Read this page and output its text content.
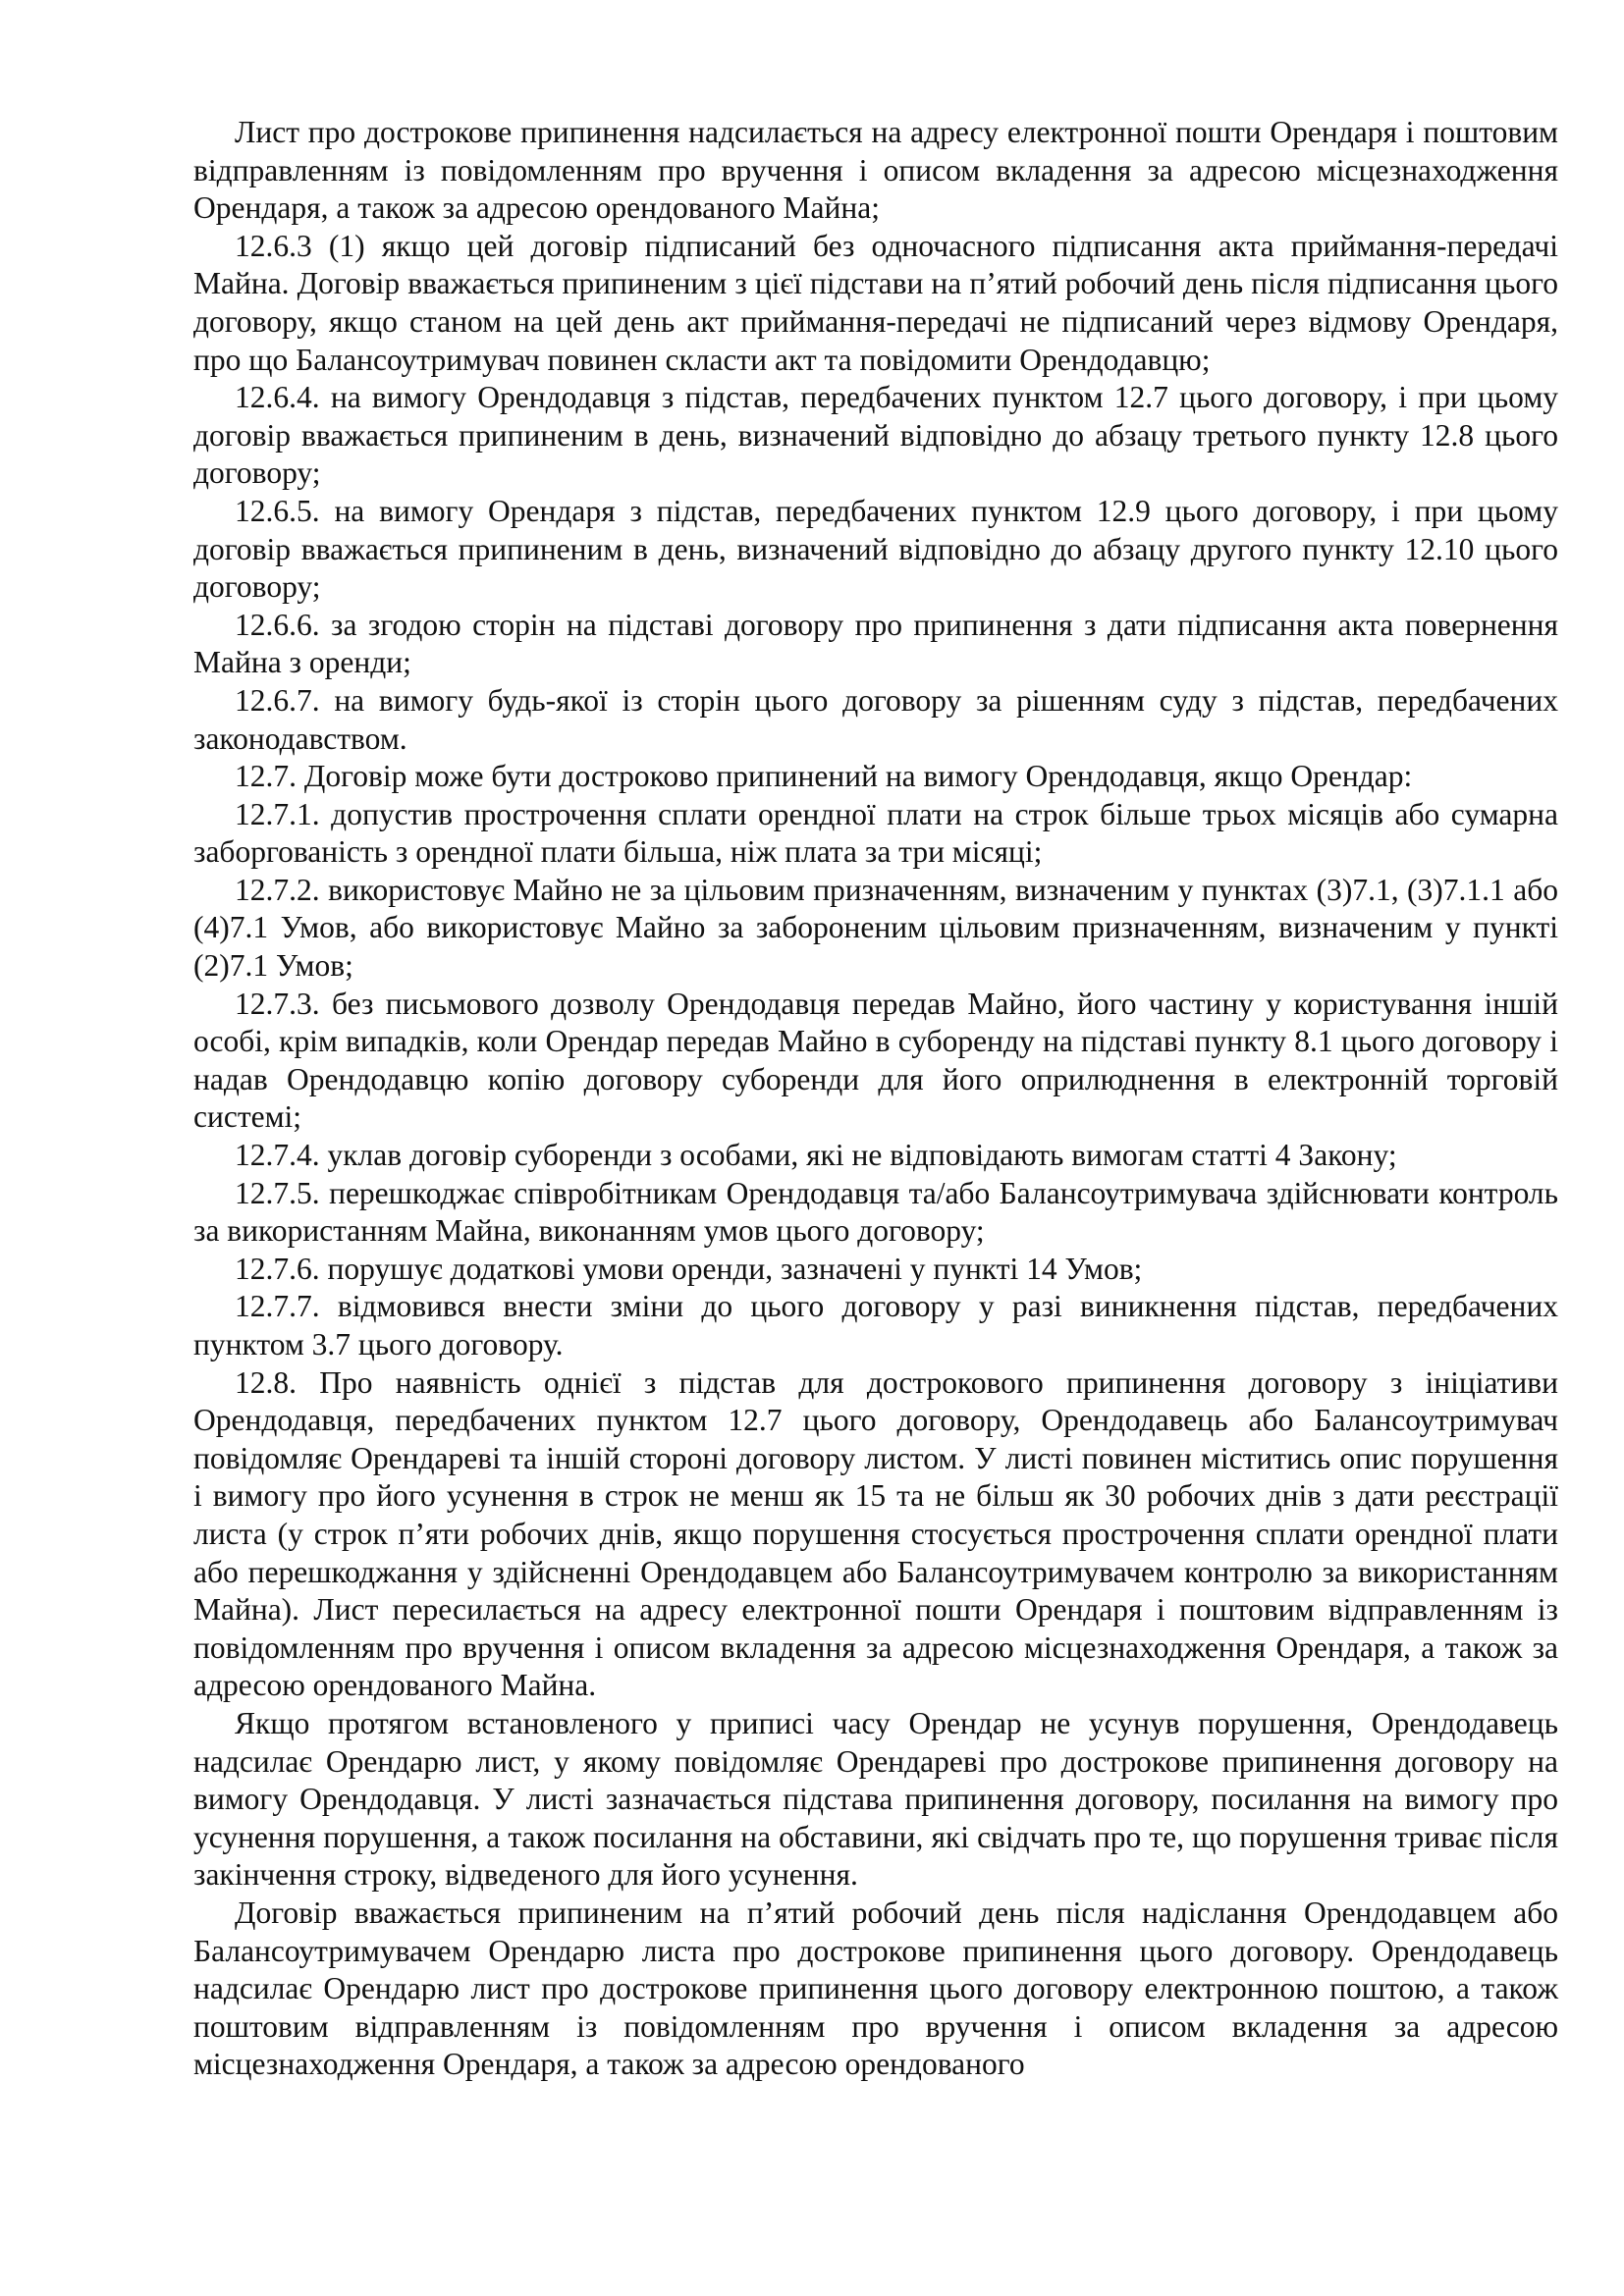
Лист про дострокове припинення надсилається на адресу електронної пошти Орендаря і поштовим відправленням із повідомленням про вручення і описом вкладення за адресою місцезнаходження Орендаря, а також за адресою орендованого Майна;

12.6.3 (1) якщо цей договір підписаний без одночасного підписання акта приймання-передачі Майна. Договір вважається припиненим з цієї підстави на п’ятий робочий день після підписання цього договору, якщо станом на цей день акт приймання-передачі не підписаний через відмову Орендаря, про що Балансоутримувач повинен скласти акт та повідомити Орендодавцю;

12.6.4. на вимогу Орендодавця з підстав, передбачених пунктом 12.7 цього договору, і при цьому договір вважається припиненим в день, визначений відповідно до абзацу третього пункту 12.8 цього договору;

12.6.5. на вимогу Орендаря з підстав, передбачених пунктом 12.9 цього договору, і при цьому договір вважається припиненим в день, визначений відповідно до абзацу другого пункту 12.10 цього договору;

12.6.6. за згодою сторін на підставі договору про припинення з дати підписання акта повернення Майна з оренди;

12.6.7. на вимогу будь-якої із сторін цього договору за рішенням суду з підстав, передбачених законодавством.

12.7. Договір може бути достроково припинений на вимогу Орендодавця, якщо Орендар:

12.7.1. допустив прострочення сплати орендної плати на строк більше трьох місяців або сумарна заборгованість з орендної плати більша, ніж плата за три місяці;

12.7.2. використовує Майно не за цільовим призначенням, визначеним у пунктах (3)7.1, (3)7.1.1 або (4)7.1 Умов, або використовує Майно за забороненим цільовим призначенням, визначеним у пункті (2)7.1 Умов;

12.7.3. без письмового дозволу Орендодавця передав Майно, його частину у користування іншій особі, крім випадків, коли Орендар передав Майно в суборенду на підставі пункту 8.1 цього договору і надав Орендодавцю копію договору суборенди для його оприлюднення в електронній торговій системі;

12.7.4. уклав договір суборенди з особами, які не відповідають вимогам статті 4 Закону;

12.7.5. перешкоджає співробітникам Орендодавця та/або Балансоутримувача здійснювати контроль за використанням Майна, виконанням умов цього договору;

12.7.6. порушує додаткові умови оренди, зазначені у пункті 14 Умов;

12.7.7. відмовився внести зміни до цього договору у разі виникнення підстав, передбачених пунктом 3.7 цього договору.

12.8. Про наявність однієї з підстав для дострокового припинення договору з ініціативи Орендодавця, передбачених пунктом 12.7 цього договору, Орендодавець або Балансоутримувач повідомляє Орендареві та іншій стороні договору листом. У листі повинен міститись опис порушення і вимогу про його усунення в строк не менш як 15 та не більш як 30 робочих днів з дати реєстрації листа (у строк п’яти робочих днів, якщо порушення стосується прострочення сплати орендної плати або перешкоджання у здійсненні Орендодавцем або Балансоутримувачем контролю за використанням Майна). Лист пересилається на адресу електронної пошти Орендаря і поштовим відправленням із повідомленням про вручення і описом вкладення за адресою місцезнаходження Орендаря, а також за адресою орендованого Майна.

Якщо протягом встановленого у приписі часу Орендар не усунув порушення, Орендодавець надсилає Орендарю лист, у якому повідомляє Орендареві про дострокове припинення договору на вимогу Орендодавця. У листі зазначається підстава припинення договору, посилання на вимогу про усунення порушення, а також посилання на обставини, які свідчать про те, що порушення триває після закінчення строку, відведеного для його усунення.

Договір вважається припиненим на п’ятий робочий день після надіслання Орендодавцем або Балансоутримувачем Орендарю листа про дострокове припинення цього договору. Орендодавець надсилає Орендарю лист про дострокове припинення цього договору електронною поштою, а також поштовим відправленням із повідомленням про вручення і описом вкладення за адресою місцезнаходження Орендаря, а також за адресою орендованого
